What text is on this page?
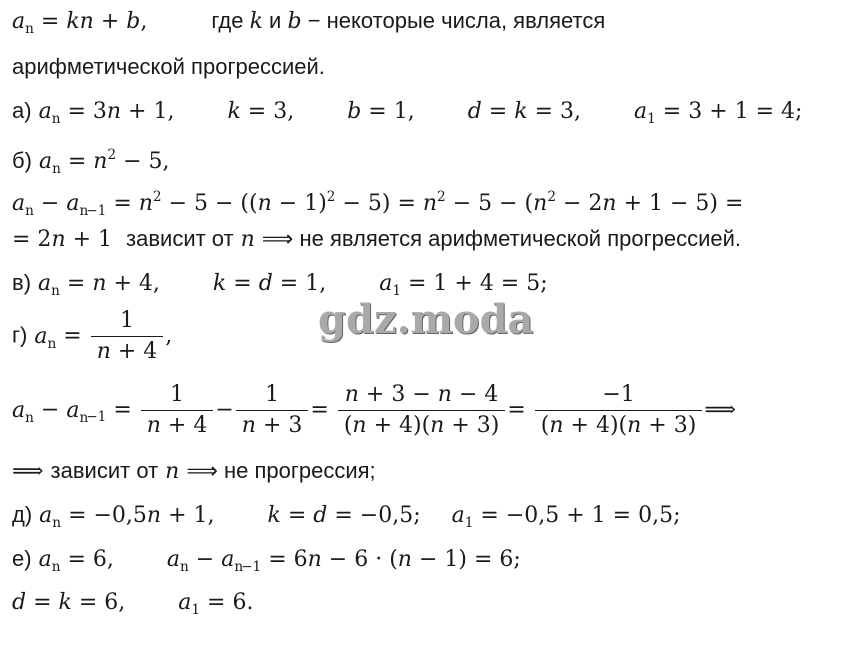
$a_n$ = kn + b,	где k и b − некоторые числа, является
арифметической прогрессией.
а) $a_n = 3n + 1$, k = 3, b = 1, d = k = 3, $a_1 = 3 + 1 = 4$;
б) $a_n = n^2 - 5$,
$a_n - a_{n-1} = n^2 - 5 - ((n - 1)^2 - 5) = n^2 - 5 - (n^2 - 2n + 1 - 5)$ =
= 2n + 1  зависит от n ⟹ не является арифметической прогрессией.
в) $a_n = n + 4$, k = d = 1, $a_1 = 1 + 4 = 5$;
gdz.moda
г) $a_n = \frac{1}{n + 4}$ ,
$a_n - a_{n-1} = \frac{1}{n + 4} - \frac{1}{n + 3} = \frac{n + 3 - n - 4}{(n + 4)(n + 3)} = \frac{-1}{(n + 4)(n + 3)}$ ⟹
⟹ зависит от n ⟹ не прогрессия;
д) $a_n = -0,5n + 1$, k = d = −0,5; $a_1 = -0,5 + 1 = 0,5$;
е) $a_n = 6$, $a_n - a_{n-1} = 6n - 6 \cdot (n - 1) = 6$;
d = k = 6, $a_1 = 6$.
